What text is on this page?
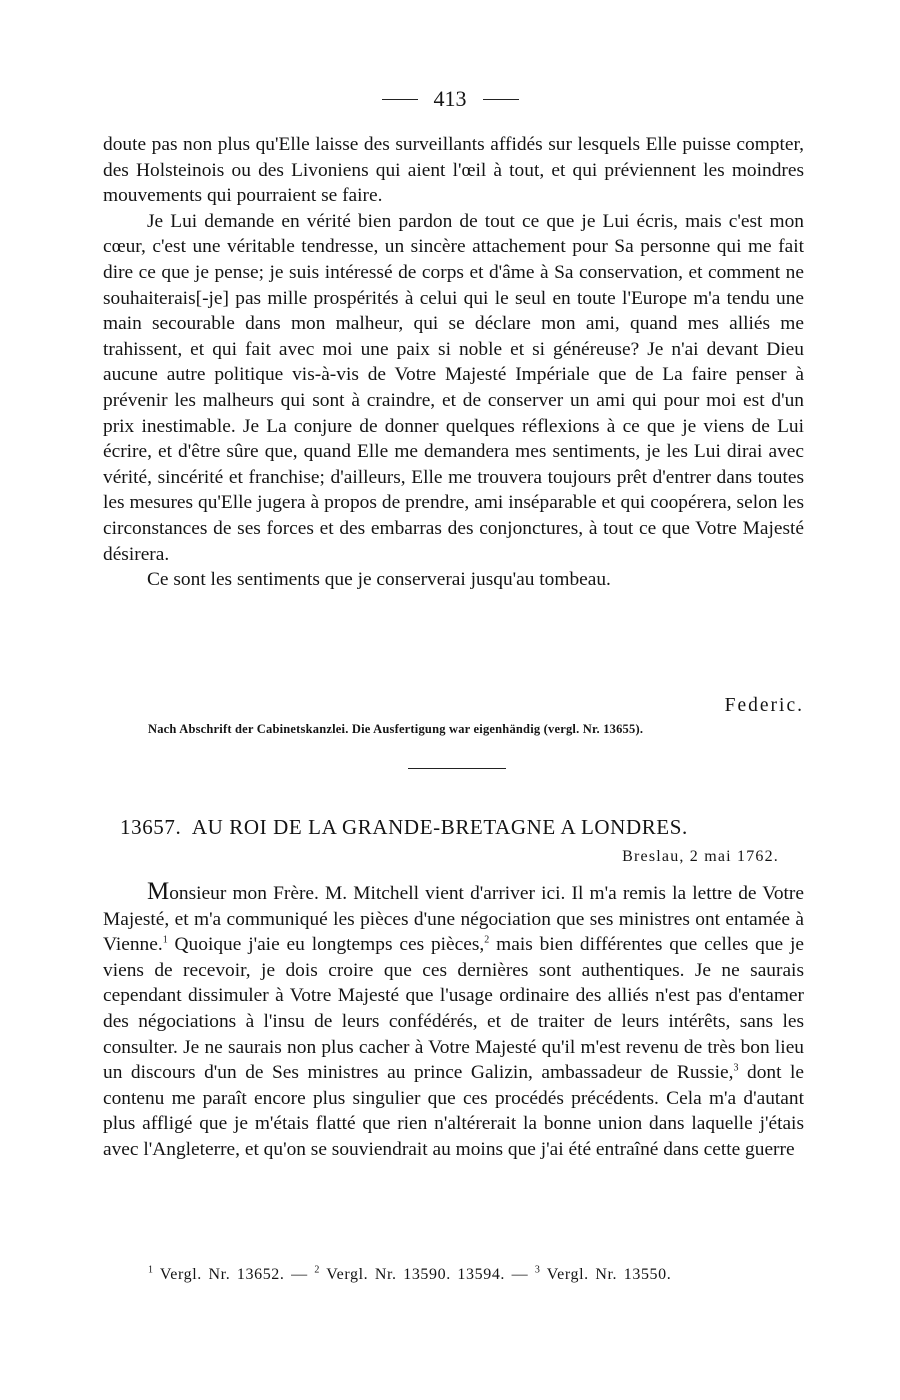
413

doute pas non plus qu'Elle laisse des surveillants affidés sur lesquels Elle puisse compter, des Holsteinois ou des Livoniens qui aient l'œil à tout, et qui préviennent les moindres mouvements qui pourraient se faire.

Je Lui demande en vérité bien pardon de tout ce que je Lui écris, mais c'est mon cœur, c'est une véritable tendresse, un sincère attachement pour Sa personne qui me fait dire ce que je pense; je suis intéressé de corps et d'âme à Sa conservation, et comment ne souhaiterais[-je] pas mille prospérités à celui qui le seul en toute l'Europe m'a tendu une main secourable dans mon malheur, qui se déclare mon ami, quand mes alliés me trahissent, et qui fait avec moi une paix si noble et si généreuse? Je n'ai devant Dieu aucune autre politique vis-à-vis de Votre Majesté Impériale que de La faire penser à prévenir les malheurs qui sont à craindre, et de conserver un ami qui pour moi est d'un prix inestimable. Je La conjure de donner quelques réflexions à ce que je viens de Lui écrire, et d'être sûre que, quand Elle me demandera mes sentiments, je les Lui dirai avec vérité, sincérité et franchise; d'ailleurs, Elle me trouvera toujours prêt d'entrer dans toutes les mesures qu'Elle jugera à propos de prendre, ami inséparable et qui coopérera, selon les circonstances de ses forces et des embarras des conjonctures, à tout ce que Votre Majesté désirera.

Ce sont les sentiments que je conserverai jusqu'au tombeau.

Federic.
Nach Abschrift der Cabinetskanzlei. Die Ausfertigung war eigenhändig (vergl. Nr. 13655).
13657. AU ROI DE LA GRANDE-BRETAGNE A LONDRES.
Breslau, 2 mai 1762.

Monsieur mon Frère. M. Mitchell vient d'arriver ici. Il m'a remis la lettre de Votre Majesté, et m'a communiqué les pièces d'une négociation que ses ministres ont entamée à Vienne.$^1$ Quoique j'aie eu longtemps ces pièces,$^2$ mais bien différentes que celles que je viens de recevoir, je dois croire que ces dernières sont authentiques. Je ne saurais cependant dissimuler à Votre Majesté que l'usage ordinaire des alliés n'est pas d'entamer des négociations à l'insu de leurs confédérés, et de traiter de leurs intérêts, sans les consulter. Je ne saurais non plus cacher à Votre Majesté qu'il m'est revenu de très bon lieu un discours d'un de Ses ministres au prince Galizin, ambassadeur de Russie,$^3$ dont le contenu me paraît encore plus singulier que ces procédés précédents. Cela m'a d'autant plus affligé que je m'étais flatté que rien n'altérerait la bonne union dans laquelle j'étais avec l'Angleterre, et qu'on se souviendrait au moins que j'ai été entraîné dans cette guerre

$^1$ Vergl. Nr. 13652. — $^2$ Vergl. Nr. 13590. 13594. — $^3$ Vergl. Nr. 13550.
